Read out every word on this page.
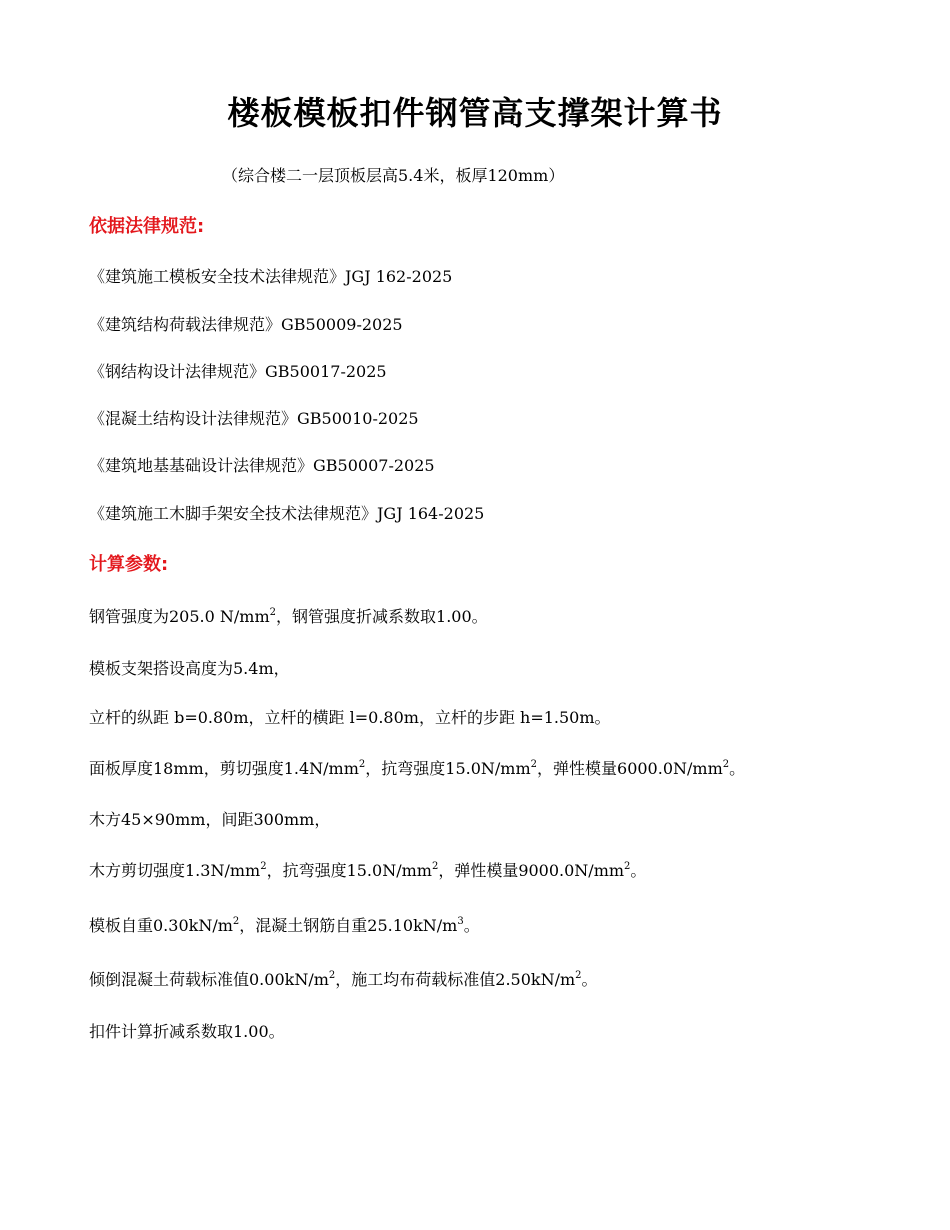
楼板模板扣件钢管高支撑架计算书
（综合楼二一层顶板层高5.4米，板厚120mm）
依据法律规范:
《建筑施工模板安全技术法律规范》JGJ 162-2025
《建筑结构荷载法律规范》GB50009-2025
《钢结构设计法律规范》GB50017-2025
《混凝土结构设计法律规范》GB50010-2025
《建筑地基基础设计法律规范》GB50007-2025
《建筑施工木脚手架安全技术法律规范》JGJ 164-2025
计算参数:
钢管强度为205.0 $N/mm^2$，钢管强度折减系数取1.00。
模板支架搭设高度为5.4m，
立杆的纵距 b=0.80m，立杆的横距 l=0.80m，立杆的步距 h=1.50m。
面板厚度18mm，剪切强度$1.4N/mm^2$，抗弯强度$15.0N/mm^2$，弹性模量$6000.0N/mm^2$。
木方45×90mm，间距300mm，
木方剪切强度$1.3N/mm^2$，抗弯强度$15.0N/mm^2$，弹性模量$9000.0N/mm^2$。
模板自重$0.30kN/m^2$，混凝土钢筋自重$25.10kN/m^3$。
倾倒混凝土荷载标准值$0.00kN/m^2$，施工均布荷载标准值$2.50kN/m^2$。
扣件计算折减系数取1.00。
